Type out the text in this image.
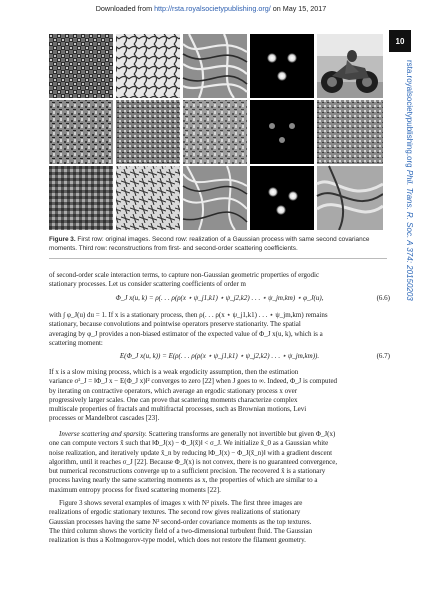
Downloaded from http://rsta.royalsocietypublishing.org/ on May 15, 2017
10
rsta.royalsocietypublishing.org Phil. Trans. R. Soc. A 374: 20150203
Figure 3. First row: original images. Second row: realization of a Gaussian process with same second covariance moments. Third row: reconstructions from first- and second-order scattering coefficients.
of second-order scale interaction terms, to capture non-Gaussian geometric properties of ergodic
stationary processes. Let us consider scattering coefficients of order m
Φ_J x(u, k) = ρ(. . . ρ(ρ(x ⋆ ψ_j1,k1) ⋆ ψ_j2,k2) . . . ⋆ ψ_jm,km) ⋆ φ_J(u),	(6.6)
with ∫ φ_J(u) du = 1. If x is a stationary process, then ρ(. . . ρ(x ⋆ ψ_j1,k1) . . . ⋆ ψ_jm,km) remains
stationary, because convolutions and pointwise operators preserve stationarity. The spatial
averaging by φ_J provides a non-biased estimator of the expected value of Φ_J x(u, k), which is a
scattering moment:
E(Φ_J x(u, k)) = E(ρ(. . . ρ(ρ(x ⋆ ψ_j1,k1) ⋆ ψ_j2,k2) . . . ⋆ ψ_jm,km)).	(6.7)
If x is a slow mixing process, which is a weak ergodicity assumption, then the estimation
variance σ²_J = ‖Φ_J x − E(Φ_J x)‖² converges to zero [22] when J goes to ∞. Indeed, Φ_J is computed
by iterating on contractive operators, which average an ergodic stationary process x over
progressively larger scales. One can prove that scattering moments characterize complex
multiscale properties of fractals and multifractal processes, such as Brownian motions, Levi
processes or Mandelbrot cascades [23].
Inverse scattering and sparsity. Scattering transforms are generally not invertible but given Φ_J(x)
one can compute vectors x̃ such that ‖Φ_J(x) − Φ_J(x̃)‖ < σ_J. We initialize x̃_0 as a Gaussian white
noise realization, and iteratively update x̃_n by reducing ‖Φ_J(x) − Φ_J(x̃_n)‖ with a gradient descent
algorithm, until it reaches σ_J [22]. Because Φ_J(x) is not convex, there is no guaranteed convergence,
but numerical reconstructions converge up to a sufficient precision. The recovered x̃ is a stationary
process having nearly the same scattering moments as x, the properties of which are similar to a
maximum entropy process for fixed scattering moments [22].
Figure 3 shows several examples of images x with N² pixels. The first three images are
realizations of ergodic stationary textures. The second row gives realizations of stationary
Gaussian processes having the same N² second-order covariance moments as the top textures.
The third column shows the vorticity field of a two-dimensional turbulent fluid. The Gaussian
realization is thus a Kolmogorov-type model, which does not restore the filament geometry.
